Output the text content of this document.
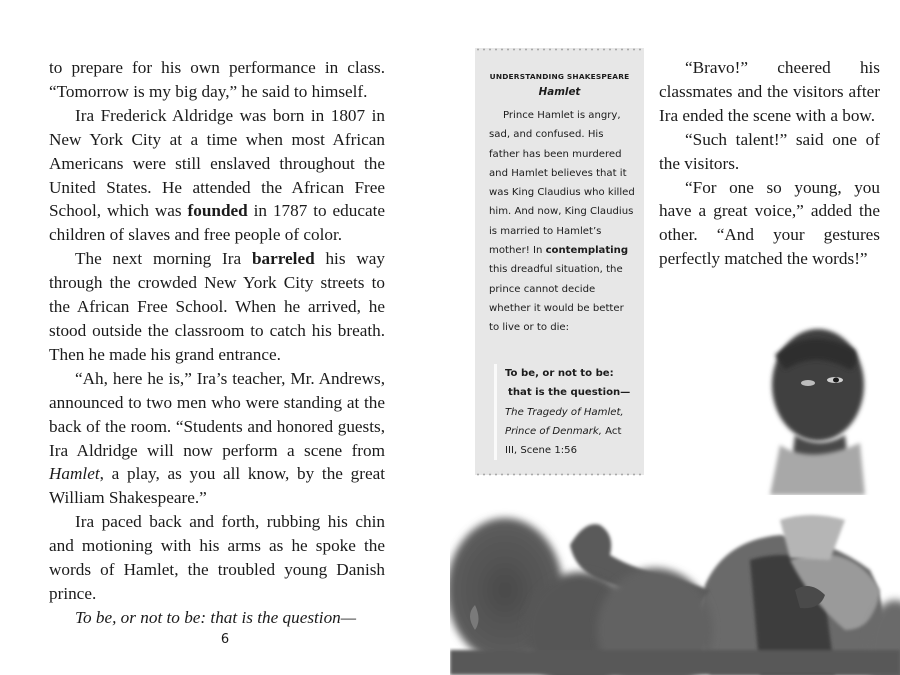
to prepare for his own performance in class. “Tomorrow is my big day,” he said to himself.

Ira Frederick Aldridge was born in 1807 in New York City at a time when most African Americans were still enslaved throughout the United States. He attended the African Free School, which was founded in 1787 to educate children of slaves and free people of color.

The next morning Ira barreled his way through the crowded New York City streets to the African Free School. When he arrived, he stood outside the classroom to catch his breath. Then he made his grand entrance.

“Ah, here he is,” Ira’s teacher, Mr. Andrews, announced to two men who were standing at the back of the room. “Students and honored guests, Ira Aldridge will now perform a scene from Hamlet, a play, as you all know, by the great William Shakespeare.”

Ira paced back and forth, rubbing his chin and motioning with his arms as he spoke the words of Hamlet, the troubled young Danish prince.

To be, or not to be: that is the question—

6
UNDERSTANDING SHAKESPEARE
Hamlet

Prince Hamlet is angry, sad, and confused. His father has been murdered and Hamlet believes that it was King Claudius who killed him. And now, King Claudius is married to Hamlet’s mother! In contemplating this dreadful situation, the prince cannot decide whether it would be better to live or to die:

To be, or not to be:
that is the question—
The Tragedy of Hamlet, Prince of Denmark, Act III, Scene 1:56

“Bravo!” cheered his classmates and the visitors after Ira ended the scene with a bow.

“Such talent!” said one of the visitors.

“For one so young, you have a great voice,” added the other. “And your gestures perfectly matched the words!”
